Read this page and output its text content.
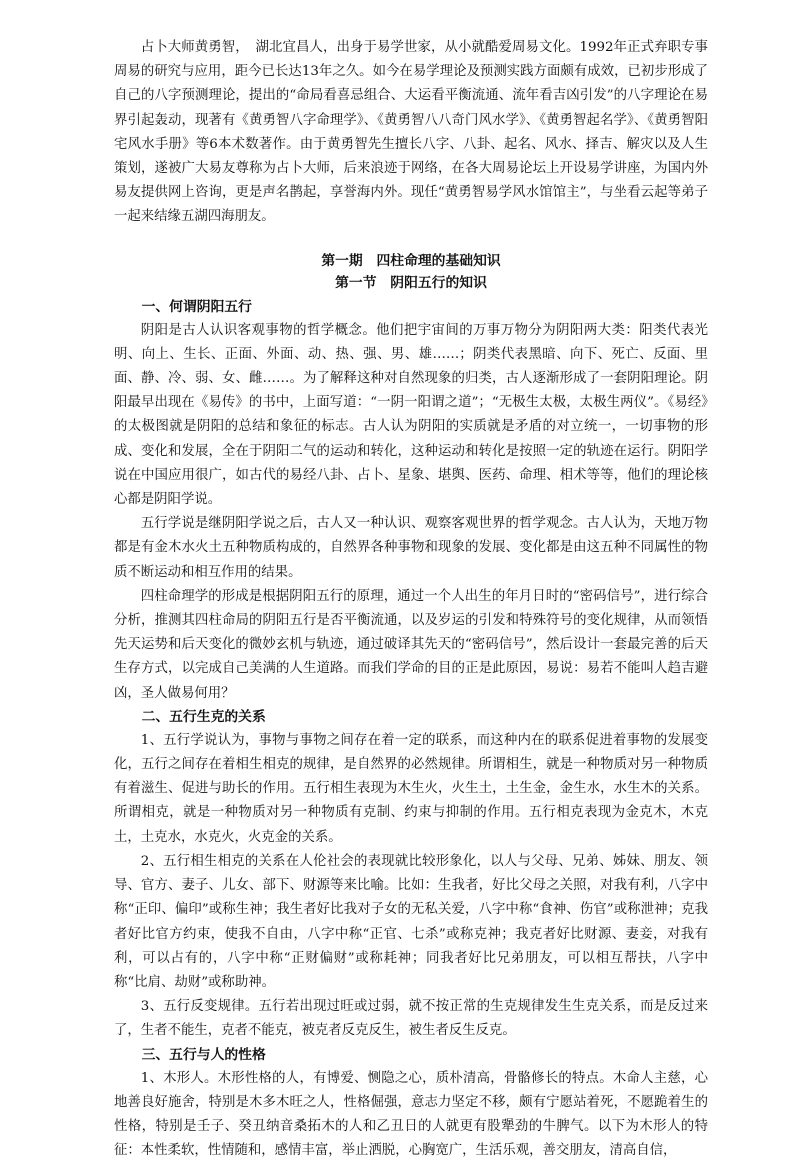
占卜大师黄勇智，　湖北宜昌人，出身于易学世家，从小就酷爱周易文化。1992年正式弃职专事周易的研究与应用，距今已长达13年之久。如今在易学理论及预测实践方面颇有成效，已初步形成了自己的八字预测理论，提出的“命局看喜忌组合、大运看平衡流通、流年看吉凶引发”的八字理论在易界引起轰动，现著有《黄勇智八字命理学》、《黄勇智八八奇门风水学》、《黄勇智起名学》、《黄勇智阳宅风水手册》等6本术数著作。由于黄勇智先生擅长八字、八卦、起名、风水、择吉、解灾以及人生策划，遂被广大易友尊称为占卜大师，后来浪迹于网络，在各大周易论坛上开设易学讲座，为国内外易友提供网上咨询，更是声名鹊起，享誉海内外。现任“黄勇智易学风水馆馆主”，与坐看云起等弟子一起来结缘五湖四海朋友。

第一期　四柱命理的基础知识
第一节　阴阳五行的知识
一、何谓阴阳五行

阴阳是古人认识客观事物的哲学概念。他们把宇宙间的万事万物分为阴阳两大类：阳类代表光明、向上、生长、正面、外面、动、热、强、男、雄……；阴类代表黑暗、向下、死亡、反面、里面、静、冷、弱、女、雌……。为了解释这种对自然现象的归类，古人逐渐形成了一套阴阳理论。阴阳最早出现在《易传》的书中，上面写道：“一阴一阳谓之道”；“无极生太极，太极生两仪”。《易经》的太极图就是阴阳的总结和象征的标志。古人认为阴阳的实质就是矛盾的对立统一，一切事物的形成、变化和发展，全在于阴阳二气的运动和转化，这种运动和转化是按照一定的轨迹在运行。阴阳学说在中国应用很广，如古代的易经八卦、占卜、星象、堪舆、医药、命理、相术等等，他们的理论核心都是阴阳学说。

五行学说是继阴阳学说之后，古人又一种认识、观察客观世界的哲学观念。古人认为，天地万物都是有金木水火土五种物质构成的，自然界各种事物和现象的发展、变化都是由这五种不同属性的物质不断运动和相互作用的结果。

四柱命理学的形成是根据阴阳五行的原理，通过一个人出生的年月日时的“密码信号”，进行综合分析，推测其四柱命局的阴阳五行是否平衡流通，以及岁运的引发和特殊符号的变化规律，从而领悟先天运势和后天变化的微妙玄机与轨迹，通过破译其先天的“密码信号”，然后设计一套最完善的后天生存方式，以完成自己美满的人生道路。而我们学命的目的正是此原因，易说：易若不能叫人趋吉避凶，圣人做易何用？

二、五行生克的关系

1、五行学说认为，事物与事物之间存在着一定的联系，而这种内在的联系促进着事物的发展变化，五行之间存在着相生相克的规律，是自然界的必然规律。所谓相生，就是一种物质对另一种物质有着滋生、促进与助长的作用。五行相生表现为木生火，火生土，土生金，金生水，水生木的关系。所谓相克，就是一种物质对另一种物质有克制、约束与抑制的作用。五行相克表现为金克木，木克土，土克水，水克火，火克金的关系。

2、五行相生相克的关系在人伦社会的表现就比较形象化，以人与父母、兄弟、姊妹、朋友、领导、官方、妻子、儿女、部下、财源等来比喻。比如：生我者，好比父母之关照，对我有利，八字中称“正印、偏印”或称生神；我生者好比我对子女的无私关爱，八字中称“食神、伤官”或称泄神；克我者好比官方约束，使我不自由，八字中称“正官、七杀”或称克神；我克者好比财源、妻妾，对我有利，可以占有的，八字中称“正财偏财”或称耗神；同我者好比兄弟朋友，可以相互帮扶，八字中称“比肩、劫财”或称助神。

3、五行反变规律。五行若出现过旺或过弱，就不按正常的生克规律发生生克关系，而是反过来了，生者不能生，克者不能克，被克者反克反生，被生者反生反克。

三、五行与人的性格

1、木形人。木形性格的人，有博爱、恻隐之心，质朴清高，骨骼修长的特点。木命人主慈，心地善良好施舍，特别是木多木旺之人，性格倔强，意志力坚定不移，颇有宁愿站着死，不愿跪着生的性格，特别是壬子、癸丑纳音桑拓木的人和乙丑日的人就更有股犟劲的牛脾气。以下为木形人的特征：本性柔软，性情随和，感情丰富，举止洒脱，心胸宽广，生活乐观，善交朋友，清高自信，
